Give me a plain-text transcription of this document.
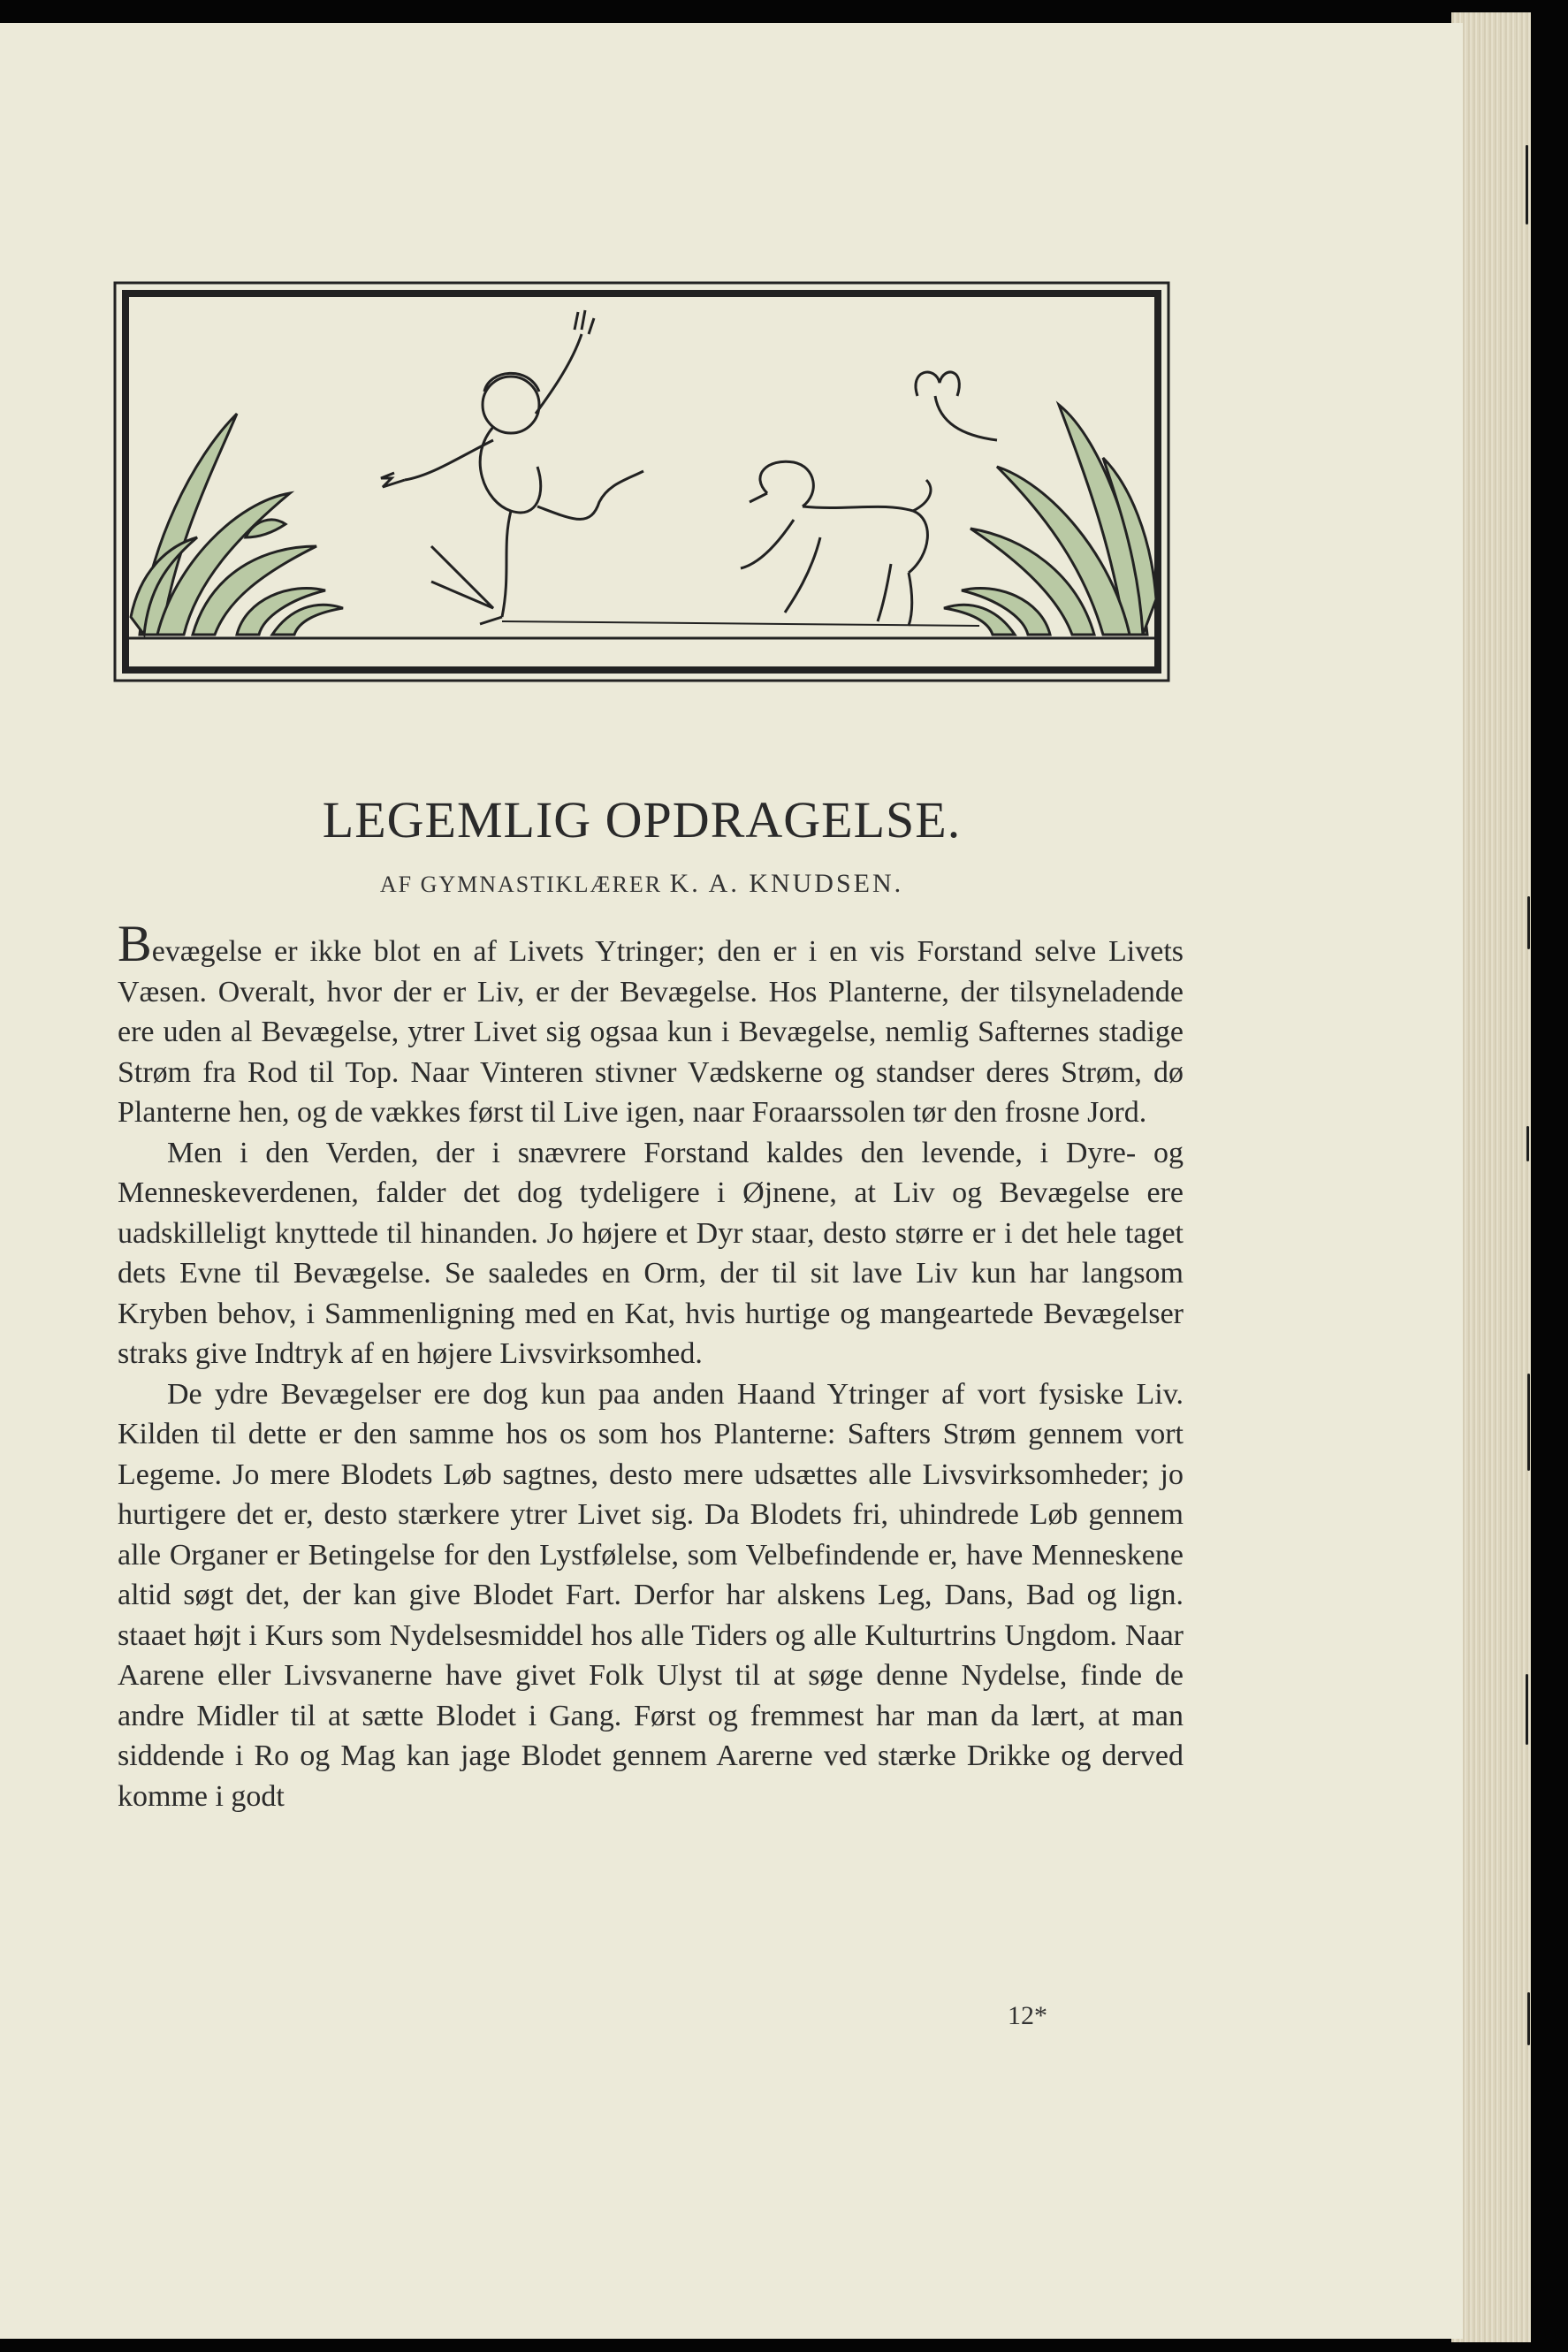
LEGEMLIG OPDRAGELSE.
AF GYMNASTIKLÆRER K. A. KNUDSEN.

Bevægelse er ikke blot en af Livets Ytringer; den er i en vis Forstand selve Livets Væsen. Overalt, hvor der er Liv, er der Bevægelse. Hos Planterne, der tilsyneladende ere uden al Bevægelse, ytrer Livet sig ogsaa kun i Bevægelse, nemlig Safternes stadige Strøm fra Rod til Top. Naar Vinteren stivner Vædskerne og standser deres Strøm, dø Planterne hen, og de vækkes først til Live igen, naar Foraarssolen tør den frosne Jord.

Men i den Verden, der i snævrere Forstand kaldes den levende, i Dyre- og Menneskeverdenen, falder det dog tydeligere i Øjnene, at Liv og Bevægelse ere uadskilleligt knyttede til hinanden. Jo højere et Dyr staar, desto større er i det hele taget dets Evne til Bevægelse. Se saaledes en Orm, der til sit lave Liv kun har langsom Kryben behov, i Sammenligning med en Kat, hvis hurtige og mangeartede Bevægelser straks give Indtryk af en højere Livsvirksomhed.

De ydre Bevægelser ere dog kun paa anden Haand Ytringer af vort fysiske Liv. Kilden til dette er den samme hos os som hos Planterne: Safters Strøm gennem vort Legeme. Jo mere Blodets Løb sagtnes, desto mere udsættes alle Livsvirksomheder; jo hurtigere det er, desto stærkere ytrer Livet sig. Da Blodets fri, uhindrede Løb gennem alle Organer er Betingelse for den Lystfølelse, som Velbefindende er, have Menneskene altid søgt det, der kan give Blodet Fart. Derfor har alskens Leg, Dans, Bad og lign. staaet højt i Kurs som Nydelsesmiddel hos alle Tiders og alle Kulturtrins Ungdom. Naar Aarene eller Livsvanerne have givet Folk Ulyst til at søge denne Nydelse, finde de andre Midler til at sætte Blodet i Gang. Først og fremmest har man da lært, at man siddende i Ro og Mag kan jage Blodet gennem Aarerne ved stærke Drikke og derved komme i godt

12*
